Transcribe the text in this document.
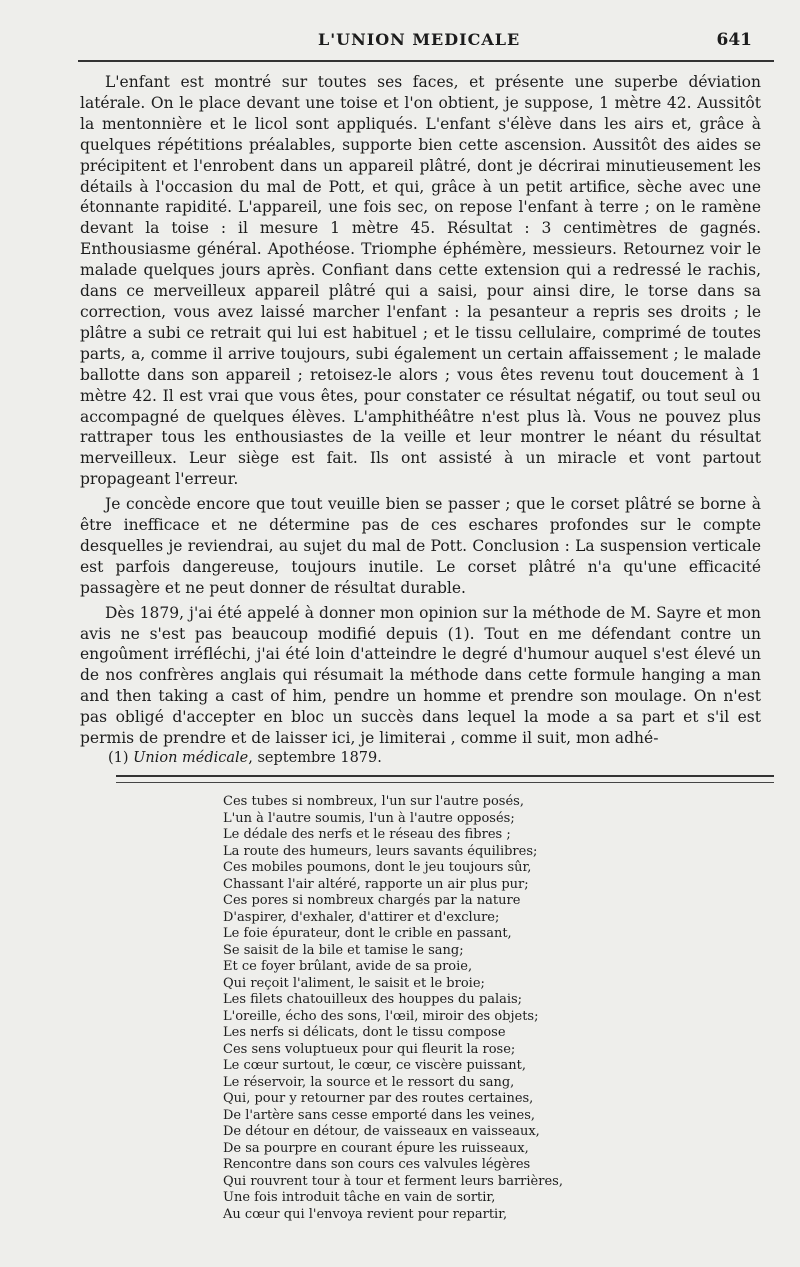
L'UNION MEDICALE	641

L'enfant est montré sur toutes ses faces, et présente une superbe déviation latérale. On le place devant une toise et l'on obtient, je suppose, 1 mètre 42. Aussitôt la mentonnière et le licol sont appliqués. L'enfant s'élève dans les airs et, grâce à quelques répétitions préalables, supporte bien cette ascension. Aussitôt des aides se précipitent et l'enrobent dans un appareil plâtré, dont je décrirai minutieusement les détails à l'occasion du mal de Pott, et qui, grâce à un petit artifice, sèche avec une étonnante rapidité. L'appareil, une fois sec, on repose l'enfant à terre ; on le ramène devant la toise : il mesure 1 mètre 45. Résultat : 3 centimètres de gagnés. Enthousiasme général. Apothéose. Triomphe éphémère, messieurs. Retournez voir le malade quelques jours après. Confiant dans cette extension qui a redressé le rachis, dans ce merveilleux appareil plâtré qui a saisi, pour ainsi dire, le torse dans sa correction, vous avez laissé marcher l'enfant : la pesanteur a repris ses droits ; le plâtre a subi ce retrait qui lui est habituel ; et le tissu cellulaire, comprimé de toutes parts, a, comme il arrive toujours, subi également un certain affaissement ; le malade ballotte dans son appareil ; retoisez-le alors ; vous êtes revenu tout doucement à 1 mètre 42. Il est vrai que vous êtes, pour constater ce résultat négatif, ou tout seul ou accompagné de quelques élèves. L'amphithéâtre n'est plus là. Vous ne pouvez plus rattraper tous les enthousiastes de la veille et leur montrer le néant du résultat merveilleux. Leur siège est fait. Ils ont assisté à un miracle et vont partout propageant l'erreur.

Je concède encore que tout veuille bien se passer ; que le corset plâtré se borne à être inefficace et ne détermine pas de ces eschares profondes sur le compte desquelles je reviendrai, au sujet du mal de Pott. Conclusion : La suspension verticale est parfois dangereuse, toujours inutile. Le corset plâtré n'a qu'une efficacité passagère et ne peut donner de résultat durable.

Dès 1879, j'ai été appelé à donner mon opinion sur la méthode de M. Sayre et mon avis ne s'est pas beaucoup modifié depuis (1). Tout en me défendant contre un engoûment irréfléchi, j'ai été loin d'atteindre le degré d'humour auquel s'est élevé un de nos confrères anglais qui résumait la méthode dans cette formule hanging a man and then taking a cast of him, pendre un homme et prendre son moulage. On n'est pas obligé d'accepter en bloc un succès dans lequel la mode a sa part et s'il est permis de prendre et de laisser ici, je limiterai , comme il suit, mon adhé-

(1) Union médicale, septembre 1879.
Ces tubes si nombreux, l'un sur l'autre posés,
L'un à l'autre soumis, l'un à l'autre opposés;
Le dédale des nerfs et le réseau des fibres ;
La route des humeurs, leurs savants équilibres;
Ces mobiles poumons, dont le jeu toujours sûr,
Chassant l'air altéré, rapporte un air plus pur;
Ces pores si nombreux chargés par la nature
D'aspirer, d'exhaler, d'attirer et d'exclure;
Le foie épurateur, dont le crible en passant,
Se saisit de la bile et tamise le sang;
Et ce foyer brûlant, avide de sa proie,
Qui reçoit l'aliment, le saisit et le broie;
Les filets chatouilleux des houppes du palais;
L'oreille, écho des sons, l'œil, miroir des objets;
Les nerfs si délicats, dont le tissu compose
Ces sens voluptueux pour qui fleurit la rose;
Le cœur surtout, le cœur, ce viscère puissant,
Le réservoir, la source et le ressort du sang,
Qui, pour y retourner par des routes certaines,
De l'artère sans cesse emporté dans les veines,
De détour en détour, de vaisseaux en vaisseaux,
De sa pourpre en courant épure les ruisseaux,
Rencontre dans son cours ces valvules légères
Qui rouvrent tour à tour et ferment leurs barrières,
Une fois introduit tâche en vain de sortir,
Au cœur qui l'envoya revient pour repartir,
